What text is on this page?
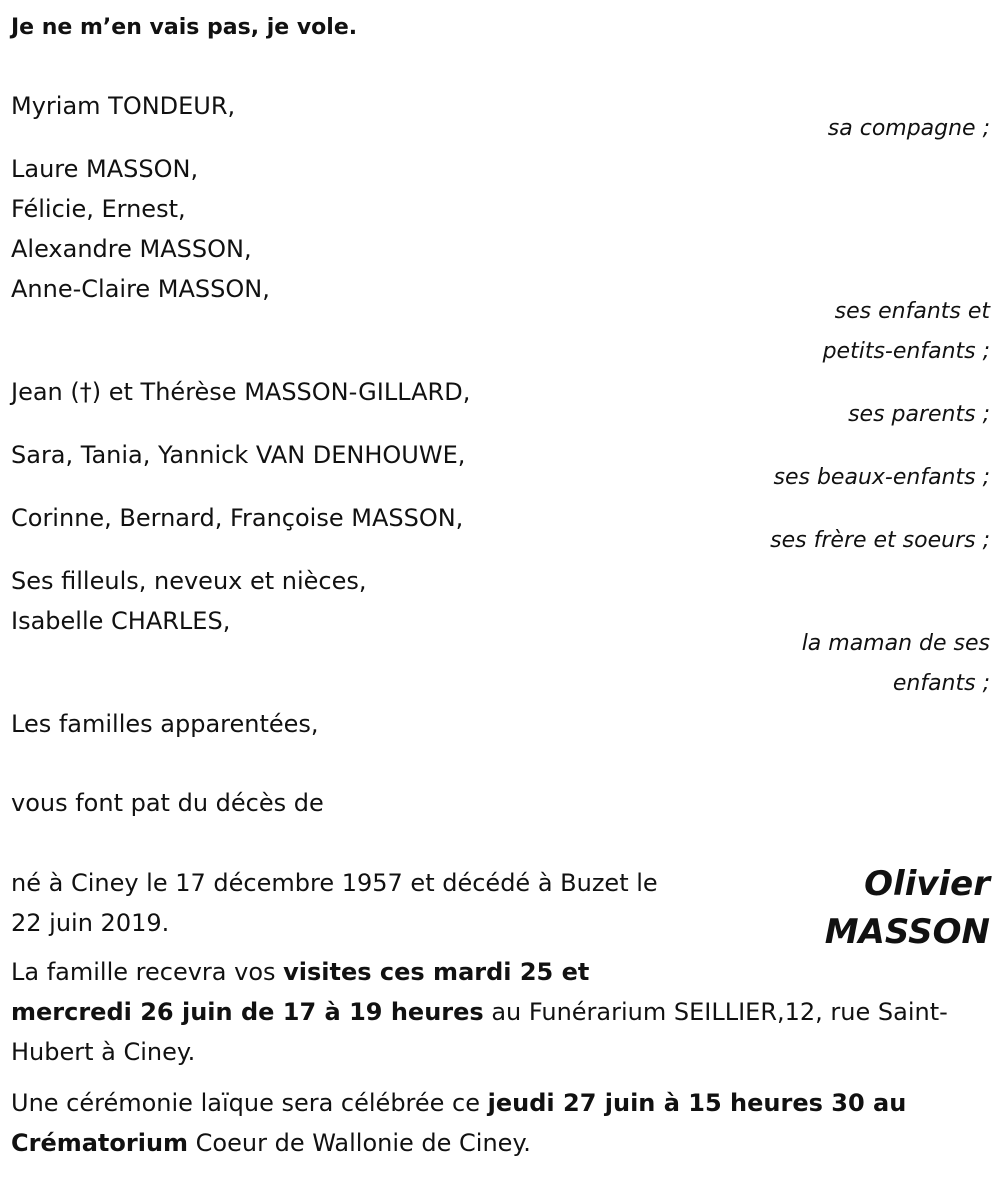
Je ne m’en vais pas, je vole.
Myriam TONDEUR,
sa compagne ;
Laure MASSON,
Félicie, Ernest,
Alexandre MASSON,
Anne-Claire MASSON,
ses enfants et
petits-enfants ;
Jean (†) et Thérèse MASSON-GILLARD,
ses parents ;
Sara, Tania, Yannick VAN DENHOUWE,
ses beaux-enfants ;
Corinne, Bernard, Françoise MASSON,
ses frère et soeurs ;
Ses filleuls, neveux et nièces,
Isabelle CHARLES,
la maman de ses
enfants ;
Les familles apparentées,
vous font pat du décès de
Olivier
MASSON
né à Ciney le 17 décembre 1957 et décédé à Buzet le
22 juin 2019.
La famille recevra vos visites ces mardi 25 et
mercredi 26 juin de 17 à 19 heures au Funérarium SEILLIER,12, rue Saint-
Hubert à Ciney.
Une cérémonie laïque sera célébrée ce jeudi 27 juin à 15 heures 30 au
Crématorium Coeur de Wallonie de Ciney.
